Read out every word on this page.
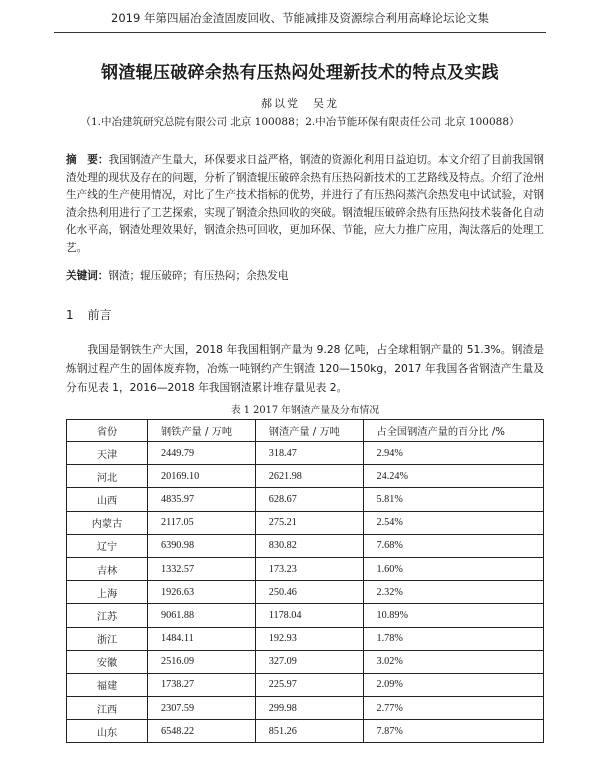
2019 年第四届冶金渣固废回收、节能减排及资源综合利用高峰论坛论文集
钢渣辊压破碎余热有压热闷处理新技术的特点及实践
郝以党　吴龙
（1.中冶建筑研究总院有限公司 北京 100088；2.中冶节能环保有限责任公司 北京 100088）
摘　要：我国钢渣产生量大，环保要求日益严格，钢渣的资源化利用日益迫切。本文介绍了目前我国钢渣处理的现状及存在的问题，分析了钢渣辊压破碎余热有压热闷新技术的工艺路线及特点。介绍了沧州生产线的生产使用情况，对比了生产技术指标的优势，并进行了有压热闷蒸汽余热发电中试试验，对钢渣余热利用进行了工艺探索，实现了钢渣余热回收的突破。钢渣辊压破碎余热有压热闷技术装备化自动化水平高，钢渣处理效果好，钢渣余热可回收，更加环保、节能，应大力推广应用，淘汰落后的处理工艺。
关键词：钢渣；辊压破碎；有压热闷；余热发电
1 前言
我国是钢铁生产大国，2018 年我国粗钢产量为 9.28 亿吨，占全球粗钢产量的 51.3%。钢渣是炼钢过程产生的固体废弃物，冶炼一吨钢约产生钢渣 120—150kg，2017 年我国各省钢渣产生量及分布见表 1，2016—2018 年我国钢渣累计堆存量见表 2。
表 1 2017 年钢渣产量及分布情况
省份	钢铁产量 / 万吨	钢渣产量 / 万吨	占全国钢渣产量的百分比 /%
天津	2449.79	318.47	2.94%
河北	20169.10	2621.98	24.24%
山西	4835.97	628.67	5.81%
内蒙古	2117.05	275.21	2.54%
辽宁	6390.98	830.82	7.68%
吉林	1332.57	173.23	1.60%
上海	1926.63	250.46	2.32%
江苏	9061.88	1178.04	10.89%
浙江	1484.11	192.93	1.78%
安徽	2516.09	327.09	3.02%
福建	1738.27	225.97	2.09%
江西	2307.59	299.98	2.77%
山东	6548.22	851.26	7.87%
